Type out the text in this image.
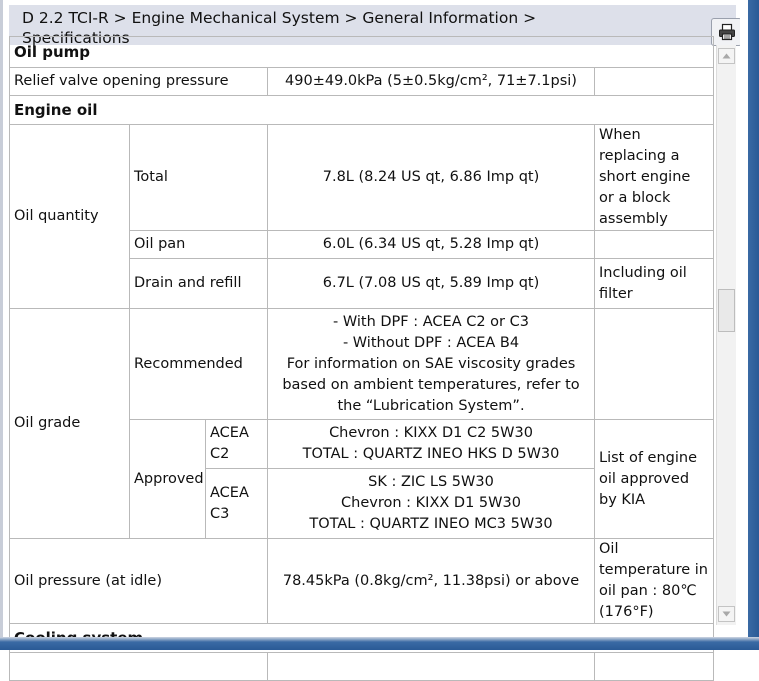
D 2.2 TCI-R > Engine Mechanical System > General Information >
Specifications
Oil pump				
Relief valve opening pressure			490±49.0kPa (5±0.5kg/cm², 71±7.1psi)	
Engine oil				
Oil quantity	Total		7.8L (8.24 US qt, 6.86 Imp qt)	When replacing a short engine or a block assembly
	Oil pan		6.0L (6.34 US qt, 5.28 Imp qt)	
	Drain and refill		6.7L (7.08 US qt, 5.89 Imp qt)	Including oil filter
Oil grade	Recommended		- With DPF : ACEA C2 or C3
- Without DPF : ACEA B4
For information on SAE viscosity grades
based on ambient temperatures, refer to
the “Lubrication System”.	

	Approved	ACEA C2	Chevron : KIXX D1 C2 5W30
TOTAL : QUARTZ INEO HKS D 5W30	List of engine oil approved by KIA
		ACEA C3	SK : ZIC LS 5W30
Chevron : KIXX D1 5W30
TOTAL : QUARTZ INEO MC3 5W30	

Oil pressure (at idle)			78.45kPa (0.8kg/cm², 11.38psi) or above	Oil temperature in oil pan : 80℃ (176°F)
